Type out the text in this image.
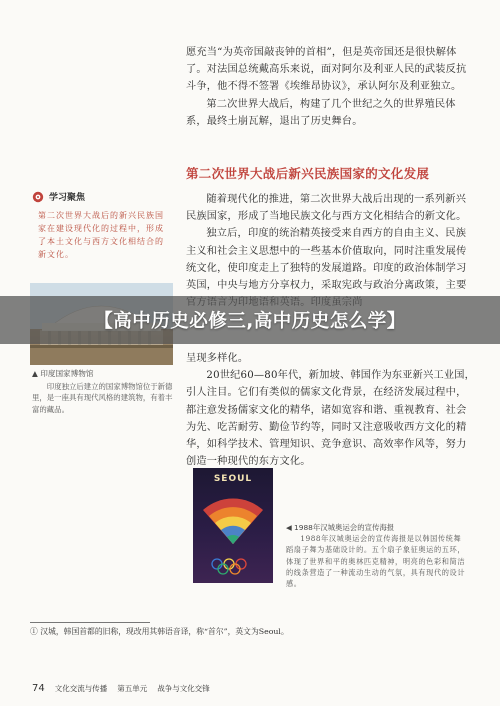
愿充当“为英帝国敲丧钟的首相”，但是英帝国还是很快解体了。对法国总统戴高乐来说，面对阿尔及利亚人民的武装反抗斗争，他不得不签署《埃维昂协议》，承认阿尔及利亚独立。

第二次世界大战后，构建了几个世纪之久的世界殖民体系，最终土崩瓦解，退出了历史舞台。

第二次世界大战后新兴民族国家的文化发展

随着现代化的推进，第二次世界大战后出现的一系列新兴民族国家，形成了当地民族文化与西方文化相结合的新文化。

独立后，印度的统治精英接受来自西方的自由主义、民族主义和社会主义思想中的一些基本价值取向，同时注重发展传统文化，使印度走上了独特的发展道路。印度的政治体制学习英国，中央与地方分享权力，采取宪政与政治分离政策，主要

呈现多样化。

20世纪60—80年代，新加坡、韩国作为东亚新兴工业国，引人注目。它们有类似的儒家文化背景，在经济发展过程中，都注意发扬儒家文化的精华，诸如宽容和谐、重视教育、社会为先、吃苦耐劳、勤俭节约等，同时又注意吸收西方文化的精华，如科学技术、管理知识、竞争意识、高效率作风等，努力创造一种现代的东方文化。

学习聚焦
第二次世界大战后的新兴民族国家在建设现代化的过程中，形成了本土文化与西方文化相结合的新文化。
▲ 印度国家博物馆
印度独立后建立的国家博物馆位于新德里，是一座具有现代风格的建筑物，有着丰富的藏品。
SEOUL
◀ 1988年汉城奥运会的宣传海报
1988年汉城奥运会的宣传海报是以韩国传统舞蹈扇子舞为基础设计的。五个扇子象征奥运的五环，体现了世界和平的奥林匹克精神，明亮的色彩和简洁的线条营造了一种流动生动的气氛，具有现代的设计感。
① 汉城，韩国首都的旧称，现改用其韩语音译，称“首尔”，英文为Seoul。
74 文化交流与传播 第五单元 战争与文化交锋
【高中历史必修三,高中历史怎么学】
